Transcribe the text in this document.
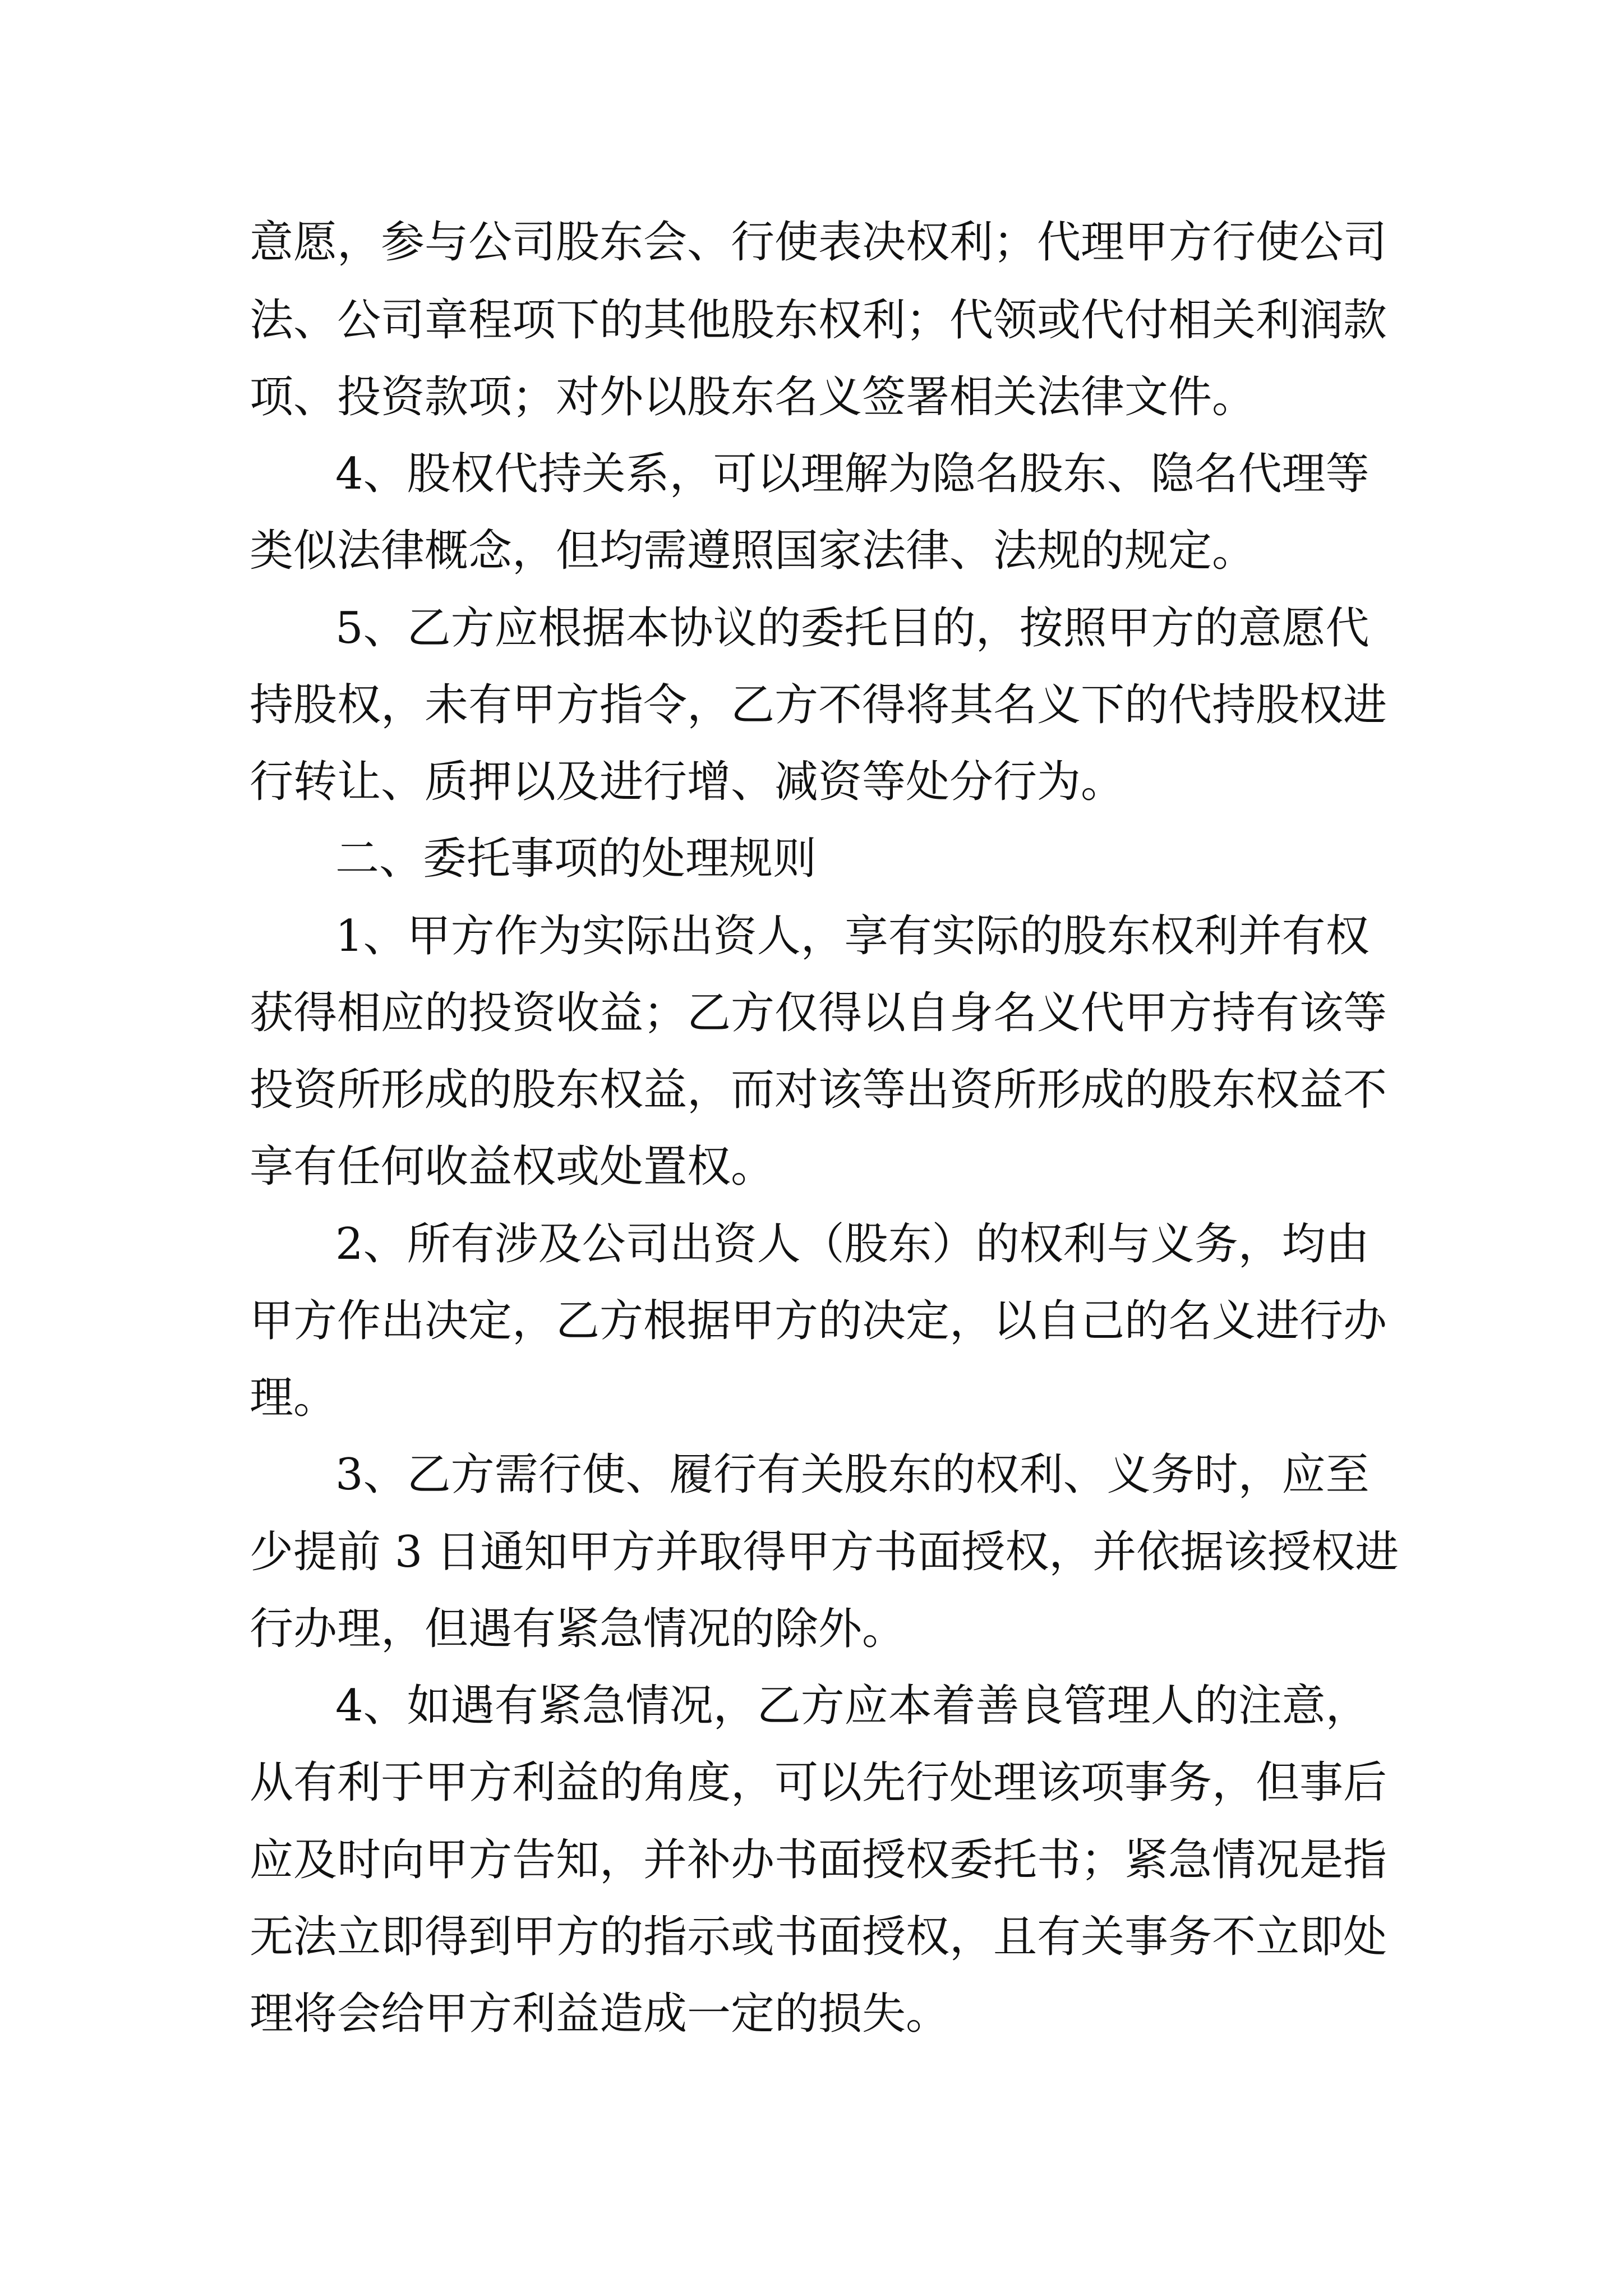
意愿，参与公司股东会、行使表决权利；代理甲方行使公司

法、公司章程项下的其他股东权利；代领或代付相关利润款

项、投资款项；对外以股东名义签署相关法律文件。

4、股权代持关系，可以理解为隐名股东、隐名代理等

类似法律概念，但均需遵照国家法律、法规的规定。

5、乙方应根据本协议的委托目的，按照甲方的意愿代

持股权，未有甲方指令，乙方不得将其名义下的代持股权进

行转让、质押以及进行增、减资等处分行为。

二、委托事项的处理规则

1、甲方作为实际出资人，享有实际的股东权利并有权

获得相应的投资收益；乙方仅得以自身名义代甲方持有该等

投资所形成的股东权益，而对该等出资所形成的股东权益不

享有任何收益权或处置权。

2、所有涉及公司出资人（股东）的权利与义务，均由

甲方作出决定，乙方根据甲方的决定，以自己的名义进行办

理。

3、乙方需行使、履行有关股东的权利、义务时，应至

少提前 3 日通知甲方并取得甲方书面授权，并依据该授权进

行办理，但遇有紧急情况的除外。

4、如遇有紧急情况，乙方应本着善良管理人的注意，

从有利于甲方利益的角度，可以先行处理该项事务，但事后

应及时向甲方告知，并补办书面授权委托书；紧急情况是指

无法立即得到甲方的指示或书面授权，且有关事务不立即处

理将会给甲方利益造成一定的损失。
